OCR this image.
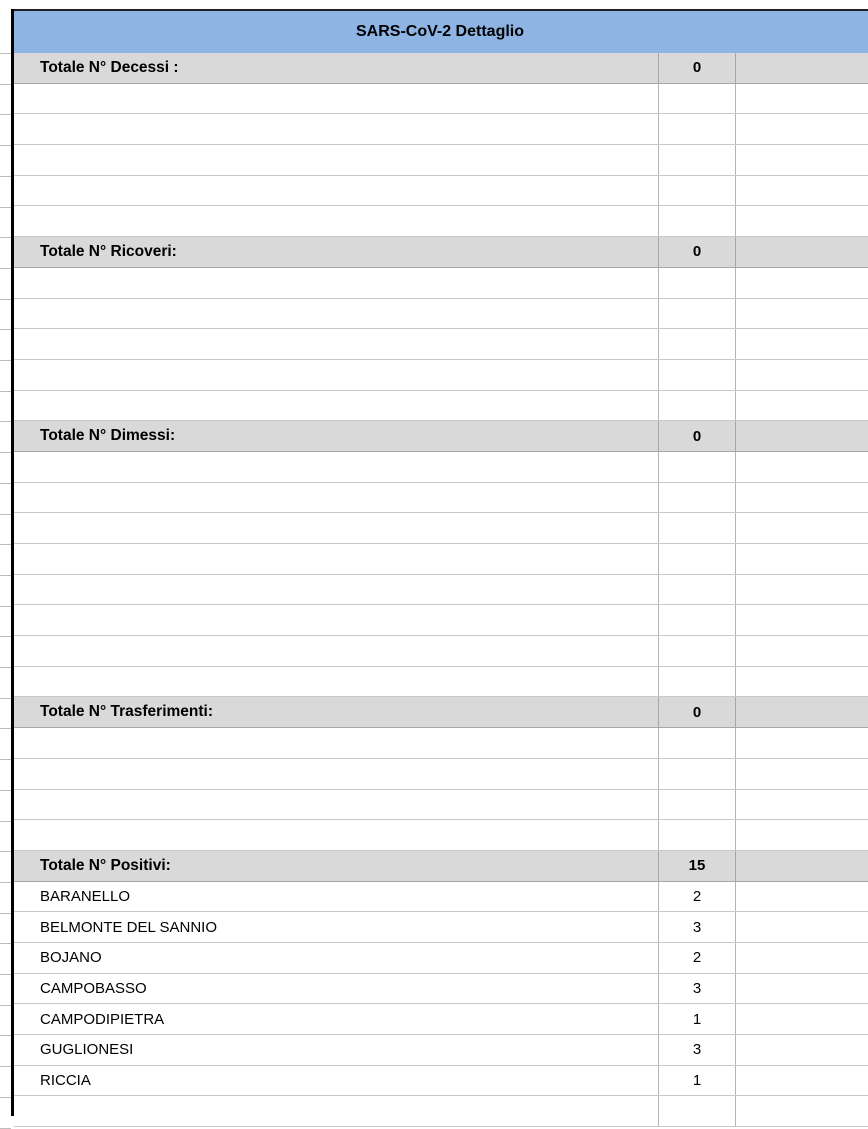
SARS-CoV-2 Dettaglio
Totale N° Decessi :	0
Totale N° Ricoveri:	0
Totale N° Dimessi:	0
Totale N° Trasferimenti:	0
Totale N° Positivi:	15
BARANELLO	2
BELMONTE DEL SANNIO	3
BOJANO	2
CAMPOBASSO	3
CAMPODIPIETRA	1
GUGLIONESI	3
RICCIA	1
